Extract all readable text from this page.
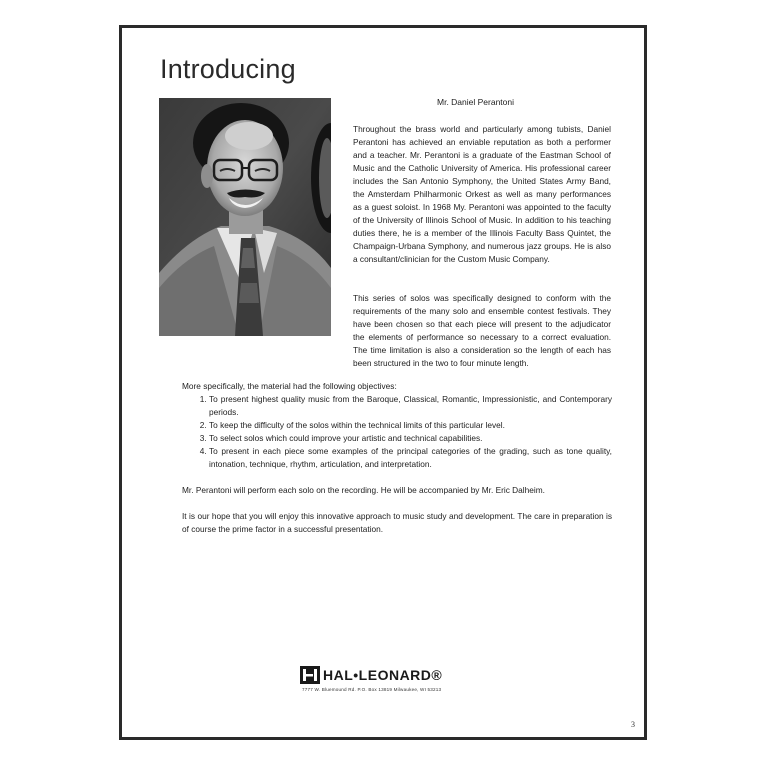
Introducing
Mr. Daniel Perantoni

Throughout the brass world and particularly among tubists, Daniel Perantoni has achieved an enviable reputation as both a performer and a teacher. Mr. Perantoni is a graduate of the Eastman School of Music and the Catholic University of America. His professional career includes the San Antonio Symphony, the United States Army Band, the Amsterdam Philharmonic Orkest as well as many performances as a guest soloist. In 1968 My. Perantoni was appointed to the faculty of the University of Illinois School of Music. In addition to his teaching duties there, he is a member of the Illinois Faculty Bass Quintet, the Champaign-Urbana Symphony, and numerous jazz groups. He is also a consultant/clinician for the Custom Music Company.

This series of solos was specifically designed to conform with the requirements of the many solo and ensemble contest festivals. They have been chosen so that each piece will present to the adjudicator the elements of performance so necessary to a correct evaluation. The time limitation is also a consideration so the length of each has been structured in the two to four minute length.

More specifically, the material had the following objectives:

1. To present highest quality music from the Baroque, Classical, Romantic, Impressionistic, and Contemporary periods.
2. To keep the difficulty of the solos within the technical limits of this particular level.
3. To select solos which could improve your artistic and technical capabilities.
4. To present in each piece some examples of the principal categories of the grading, such as tone quality, intonation, technique, rhythm, articulation, and interpretation.

Mr. Perantoni will perform each solo on the recording. He will be accompanied by Mr. Eric Dalheim.

It is our hope that you will enjoy this innovative approach to music study and development. The care in preparation is of course the prime factor in a successful presentation.

HAL•LEONARD®
7777 W. Bluemound Rd. P.O. Box 13819 Milwaukee, WI 53213
3
